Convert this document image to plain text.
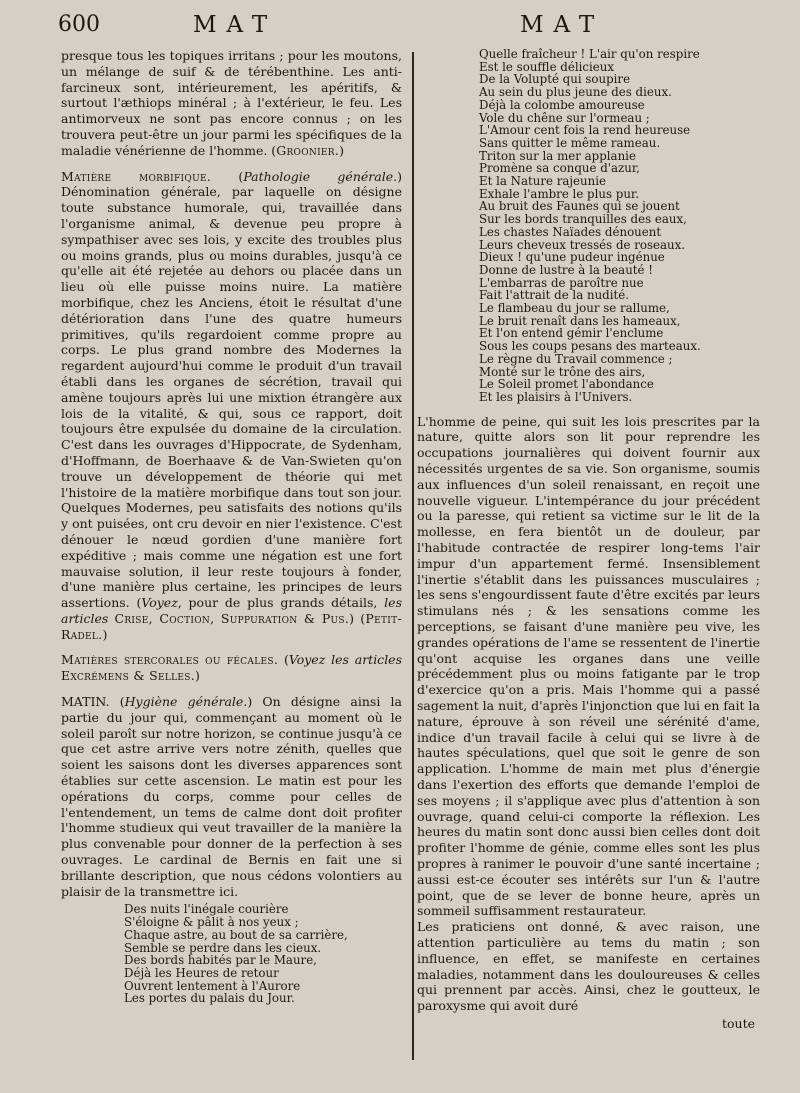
600	MAT	MAT

presque tous les topiques irritans ; pour les moutons, un mélange de suif & de térébenthine. Les anti-farcineux sont, intérieurement, les apéritifs, & surtout l'æthiops minéral ; à l'extérieur, le feu. Les antimorveux ne sont pas encore connus ; on les trouvera peut-être un jour parmi les spécifiques de la maladie vénérienne de l'homme. (Groonier.)

Matière morbifique. (Pathologie générale.) Dénomination générale, par laquelle on désigne toute substance humorale, qui, travaillée dans l'organisme animal, & devenue peu propre à sympathiser avec ses lois, y excite des troubles plus ou moins grands, plus ou moins durables, jusqu'à ce qu'elle ait été rejetée au dehors ou placée dans un lieu où elle puisse moins nuire. La matière morbifique, chez les Anciens, étoit le résultat d'une détérioration dans l'une des quatre humeurs primitives, qu'ils regardoient comme propre au corps. Le plus grand nombre des Modernes la regardent aujourd'hui comme le produit d'un travail établi dans les organes de sécrétion, travail qui amène toujours après lui une mixtion étrangère aux lois de la vitalité, & qui, sous ce rapport, doit toujours être expulsée du domaine de la circulation. C'est dans les ouvrages d'Hippocrate, de Sydenham, d'Hoffmann, de Boerhaave & de Van-Swieten qu'on trouve un développement de théorie qui met l'histoire de la matière morbifique dans tout son jour. Quelques Modernes, peu satisfaits des notions qu'ils y ont puisées, ont cru devoir en nier l'existence. C'est dénouer le nœud gordien d'une manière fort expéditive ; mais comme une négation est une fort mauvaise solution, il leur reste toujours à fonder, d'une manière plus certaine, les principes de leurs assertions. (Voyez, pour de plus grands détails, les articles Crise, Coction, Suppuration & Pus.) (Petit-Radel.)

Matières stercorales ou fécales. (Voyez les articles Excrémens & Selles.)

MATIN. (Hygiène générale.) On désigne ainsi la partie du jour qui, commençant au moment où le soleil paroît sur notre horizon, se continue jusqu'à ce que cet astre arrive vers notre zénith, quelles que soient les saisons dont les diverses apparences sont établies sur cette ascension. Le matin est pour les opérations du corps, comme pour celles de l'entendement, un tems de calme dont doit profiter l'homme studieux qui veut travailler de la manière la plus convenable pour donner de la perfection à ses ouvrages. Le cardinal de Bernis en fait une si brillante description, que nous cédons volontiers au plaisir de la transmettre ici.

Des nuits l'inégale courière
S'éloigne & pâlit à nos yeux ;
Chaque astre, au bout de sa carrière,
Semble se perdre dans les cieux.
Des bords habités par le Maure,
Déjà les Heures de retour
Ouvrent lentement à l'Aurore
Les portes du palais du Jour.
Quelle fraîcheur ! L'air qu'on respire
Est le souffle délicieux
De la Volupté qui soupire
Au sein du plus jeune des dieux.
Déjà la colombe amoureuse
Vole du chêne sur l'ormeau ;
L'Amour cent fois la rend heureuse
Sans quitter le même rameau.
Triton sur la mer applanie
Promène sa conque d'azur,
Et la Nature rajeunie
Exhale l'ambre le plus pur.
Au bruit des Faunes qui se jouent
Sur les bords tranquilles des eaux,
Les chastes Naïades dénouent
Leurs cheveux tressés de roseaux.
Dieux ! qu'une pudeur ingénue
Donne de lustre à la beauté !
L'embarras de paroître nue
Fait l'attrait de la nudité.
Le flambeau du jour se rallume,
Le bruit renaît dans les hameaux,
Et l'on entend gémir l'enclume
Sous les coups pesans des marteaux.
Le règne du Travail commence ;
Monté sur le trône des airs,
Le Soleil promet l'abondance
Et les plaisirs à l'Univers.

L'homme de peine, qui suit les lois prescrites par la nature, quitte alors son lit pour reprendre les occupations journalières qui doivent fournir aux nécessités urgentes de sa vie. Son organisme, soumis aux influences d'un soleil renaissant, en reçoit une nouvelle vigueur. L'intempérance du jour précédent ou la paresse, qui retient sa victime sur le lit de la mollesse, en fera bientôt un de douleur, par l'habitude contractée de respirer long-tems l'air impur d'un appartement fermé. Insensiblement l'inertie s'établit dans les puissances musculaires ; les sens s'engourdissent faute d'être excités par leurs stimulans nés ; & les sensations comme les perceptions, se faisant d'une manière peu vive, les grandes opérations de l'ame se ressentent de l'inertie qu'ont acquise les organes dans une veille précédemment plus ou moins fatigante par le trop d'exercice qu'on a pris. Mais l'homme qui a passé sagement la nuit, d'après l'injonction que lui en fait la nature, éprouve à son réveil une sérénité d'ame, indice d'un travail facile à celui qui se livre à de hautes spéculations, quel que soit le genre de son application. L'homme de main met plus d'énergie dans l'exertion des efforts que demande l'emploi de ses moyens ; il s'applique avec plus d'attention à son ouvrage, quand celui-ci comporte la réflexion. Les heures du matin sont donc aussi bien celles dont doit profiter l'homme de génie, comme elles sont les plus propres à ranimer le pouvoir d'une santé incertaine ; aussi est-ce écouter ses intérêts sur l'un & l'autre point, que de se lever de bonne heure, après un sommeil suffisamment restaurateur.

Les praticiens ont donné, & avec raison, une attention particulière au tems du matin ; son influence, en effet, se manifeste en certaines maladies, notamment dans les douloureuses & celles qui prennent par accès. Ainsi, chez le goutteux, le paroxysme qui avoit duré

toute
